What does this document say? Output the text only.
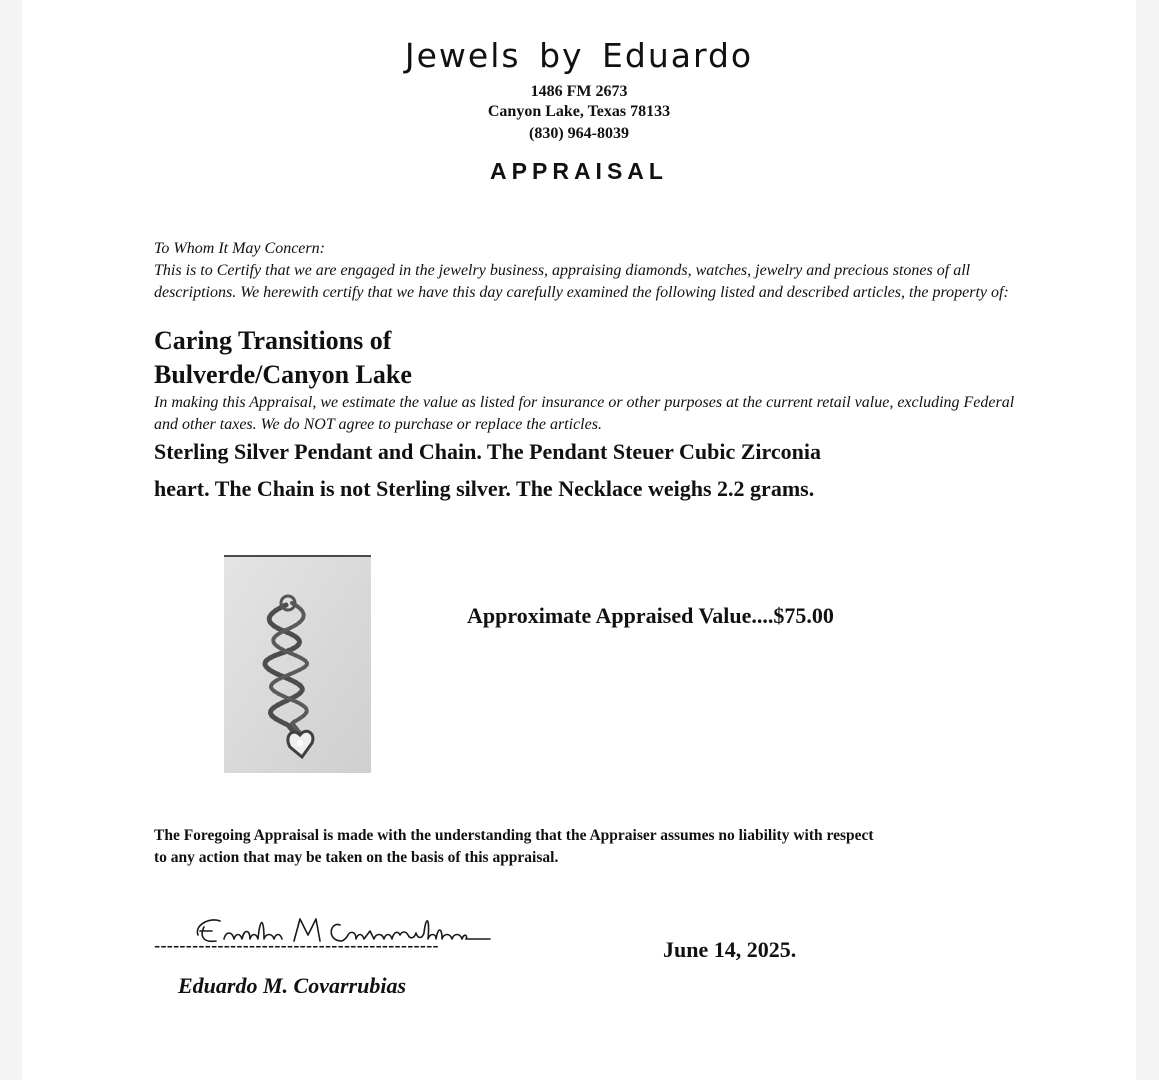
Jewels by Eduardo
1486 FM 2673
Canyon Lake, Texas 78133
(830) 964-8039
APPRAISAL
To Whom It May Concern:
This is to Certify that we are engaged in the jewelry business, appraising diamonds, watches, jewelry and precious stones of all descriptions. We herewith certify that we have this day carefully examined the following listed and described articles, the property of:
Caring Transitions of
Bulverde/Canyon Lake
In making this Appraisal, we estimate the value as listed for insurance or other purposes at the current retail value, excluding Federal and other taxes. We do NOT agree to purchase or replace the articles.
Sterling Silver Pendant and Chain. The Pendant Steuer Cubic Zirconia
heart. The Chain is not Sterling silver. The Necklace weighs 2.2 grams.
Approximate Appraised Value....$75.00
The Foregoing Appraisal is made with the understanding that the Appraiser assumes no liability with respect
to any action that may be taken on the basis of this appraisal.
---------------------------------------------
Eduardo M. Covarrubias
June 14, 2025.
